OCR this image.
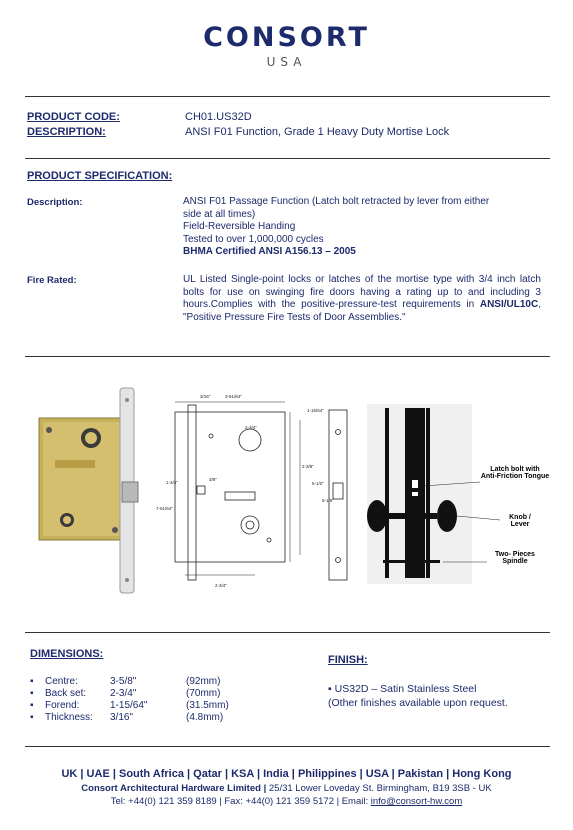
CONSORT
USA
PRODUCT CODE:	CH01.US32D
DESCRIPTION:	ANSI F01 Function, Grade 1 Heavy Duty Mortise Lock
PRODUCT SPECIFICATION:
Description:	ANSI F01 Passage Function (Latch bolt retracted by lever from either
side at all times)
Field-Reversible Handing
Tested to over 1,000,000 cycles
BHMA Certified ANSI A156.13 – 2005
Fire Rated:	UL Listed Single-point locks or latches of the mortise type with 3/4 inch latch bolts for use on swinging fire doors having a rating up to and including 3 hours.Complies with the positive-pressure-test requirements in ANSI/UL10C, "Positive Pressure Fire Tests of Door Assemblies."
3/16"	3-61/64"
2-3/4"
3/8"
1-3/4"
2-3/8"
5-1/2"
5-1/8"
2-3/4"
1-15/64"
7-61/64"
Latch bolt with
Anti-Friction Tongue
Knob /
Lever
Two- Pieces
Spindle
DIMENSIONS:
▪ Centre:	3-5/8"	(92mm)
▪ Back set: 2-3/4"	(70mm)
▪ Forend:	1-15/64"	(31.5mm)
▪ Thickness: 3/16"	(4.8mm)
FINISH:
▪ US32D – Satin Stainless Steel
(Other finishes available upon request.
UK | UAE | South Africa | Qatar | KSA | India | Philippines | USA | Pakistan | Hong Kong
Consort Architectural Hardware Limited | 25/31 Lower Loveday St. Birmingham, B19 3SB - UK
Tel: +44(0) 121 359 8189 | Fax: +44(0) 121 359 5172 | Email: info@consort-hw.com
